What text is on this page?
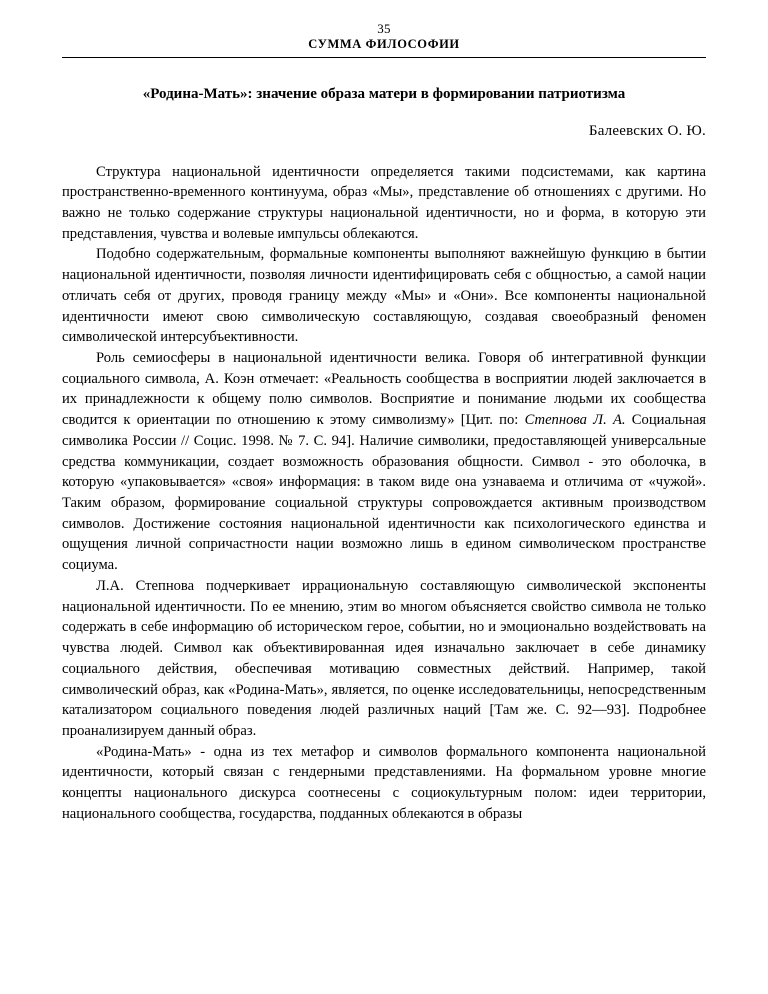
35
СУММА ФИЛОСОФИИ
«Родина-Мать»: значение образа матери в формировании патриотизма
Балеевских О. Ю.

Структура национальной идентичности определяется такими подсистемами, как картина пространственно-временного континуума, образ «Мы», представление об отношениях с другими. Но важно не только содержание структуры национальной идентичности, но и форма, в которую эти представления, чувства и волевые импульсы облекаются.

Подобно содержательным, формальные компоненты выполняют важнейшую функцию в бытии национальной идентичности, позволяя личности идентифицировать себя с общностью, а самой нации отличать себя от других, проводя границу между «Мы» и «Они». Все компоненты национальной идентичности имеют свою символическую составляющую, создавая своеобразный феномен символической интерсубъективности.

Роль семиосферы в национальной идентичности велика. Говоря об интегративной функции социального символа, А. Коэн отмечает: «Реальность сообщества в восприятии людей заключается в их принадлежности к общему полю символов. Восприятие и понимание людьми их сообщества сводится к ориентации по отношению к этому символизму» [Цит. по: Степнова Л. А. Социальная символика России // Социс. 1998. № 7. С. 94]. Наличие символики, предоставляющей универсальные средства коммуникации, создает возможность образования общности. Символ - это оболочка, в которую «упаковывается» «своя» информация: в таком виде она узнаваема и отличима от «чужой». Таким образом, формирование социальной структуры сопровождается активным производством символов. Достижение состояния национальной идентичности как психологического единства и ощущения личной сопричастности нации возможно лишь в едином символическом пространстве социума.

Л.А. Степнова подчеркивает иррациональную составляющую символической экспоненты национальной идентичности. По ее мнению, этим во многом объясняется свойство символа не только содержать в себе информацию об историческом герое, событии, но и эмоционально воздействовать на чувства людей. Символ как объективированная идея изначально заключает в себе динамику социального действия, обеспечивая мотивацию совместных действий. Например, такой символический образ, как «Родина-Мать», является, по оценке исследовательницы, непосредственным катализатором социального поведения людей различных наций [Там же. С. 92—93]. Подробнее проанализируем данный образ.

«Родина-Мать» - одна из тех метафор и символов формального компонента национальной идентичности, который связан с гендерными представлениями. На формальном уровне многие концепты национального дискурса соотнесены с социокультурным полом: идеи территории, национального сообщества, государства, подданных облекаются в образы
